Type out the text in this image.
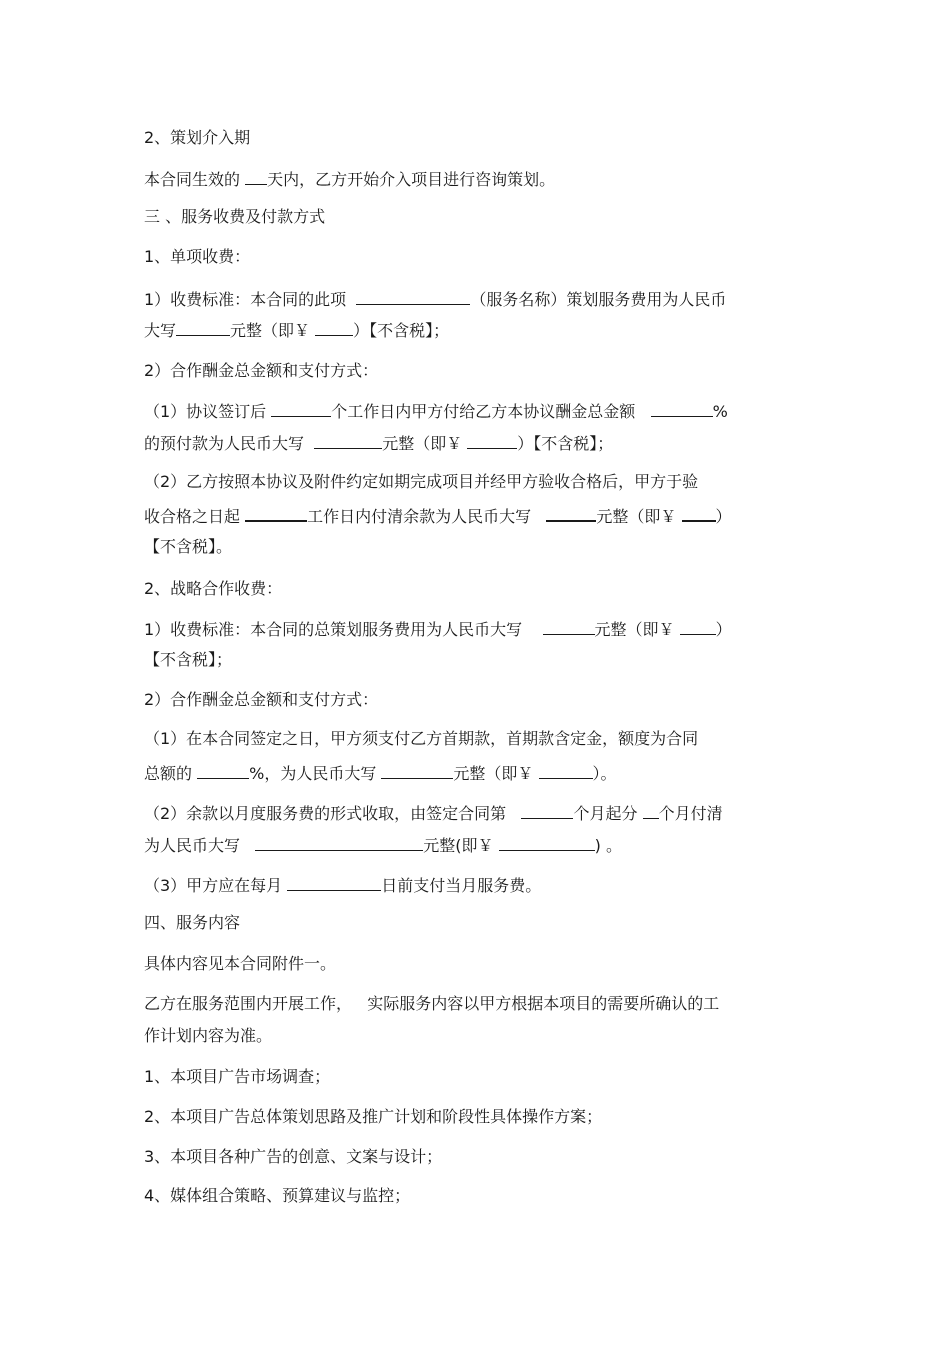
2、策划介入期
本合同生效的 天内，乙方开始介入项目进行咨询策划。
三 、服务收费及付款方式
1、单项收费：
1）收费标准：本合同的此项	（服务名称）策划服务费用为人民币
大写	元整（即￥	）【不含税】；
2）合作酬金总金额和支付方式：
（1）协议签订后	个工作日内甲方付给乙方本协议酬金总金额	%
的预付款为人民币大写	元整（即￥	）【不含税】；
（2）乙方按照本协议及附件约定如期完成项目并经甲方验收合格后，甲方于验
收合格之日起	工作日内付清余款为人民币大写	元整（即￥ ）
【不含税】。
2、战略合作收费：
1）收费标准：本合同的总策划服务费用为人民币大写	元整（即￥	）
【不含税】；
2）合作酬金总金额和支付方式：
（1）在本合同签定之日，甲方须支付乙方首期款，首期款含定金，额度为合同
总额的	%，为人民币大写	元整（即￥	）。
（2）余款以月度服务费的形式收取，由签定合同第	个月起分 个月付清
为人民币大写	元整(即￥	) 。
（3）甲方应在每月	日前支付当月服务费。
四、服务内容
具体内容见本合同附件一。
乙方在服务范围内开展工作， 实际服务内容以甲方根据本项目的需要所确认的工
作计划内容为准。
1、本项目广告市场调查；
2、本项目广告总体策划思路及推广计划和阶段性具体操作方案；
3、本项目各种广告的创意、文案与设计；
4、媒体组合策略、预算建议与监控；
